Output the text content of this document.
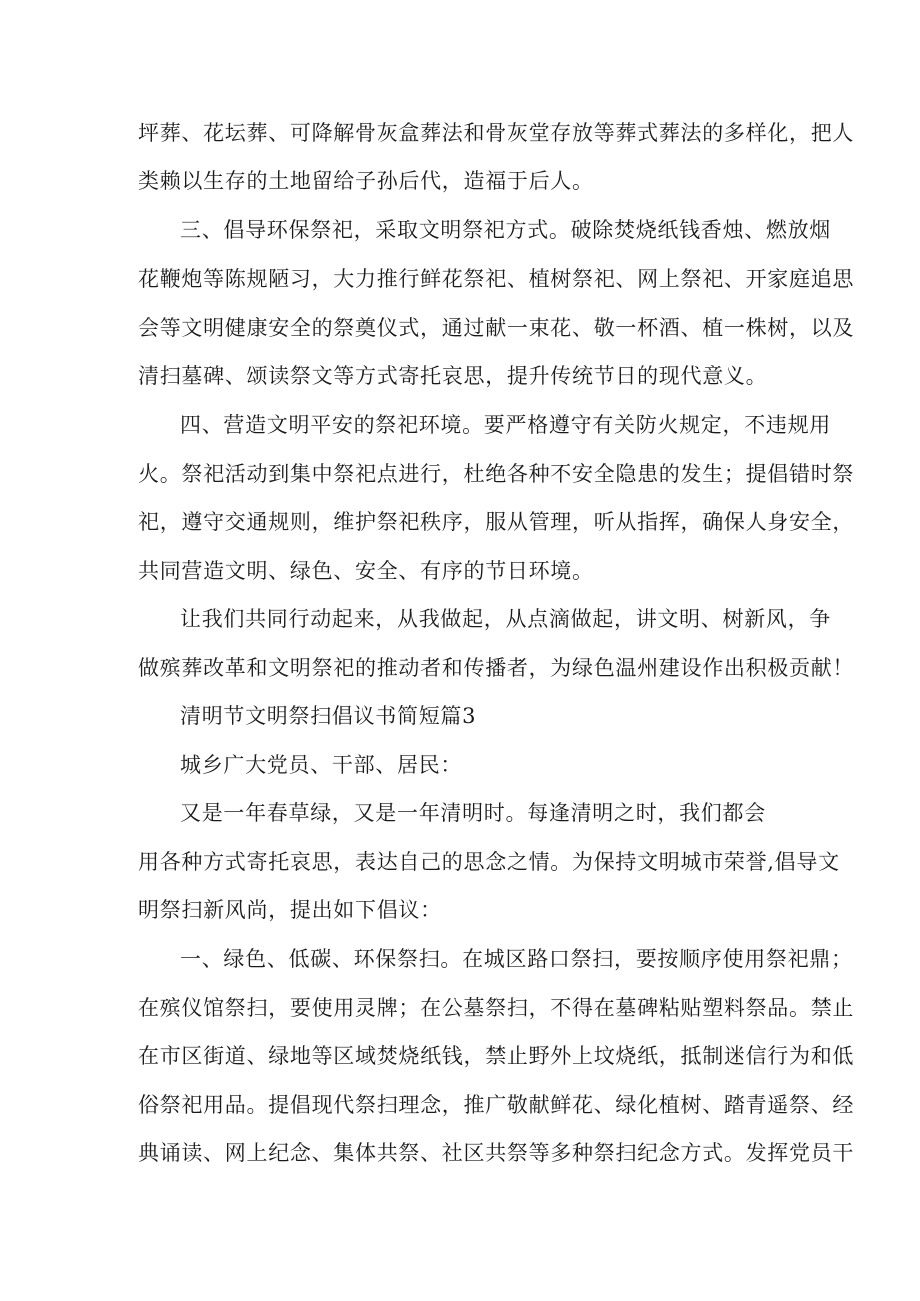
坪葬、花坛葬、可降解骨灰盒葬法和骨灰堂存放等葬式葬法的多样化，把人
类赖以生存的土地留给子孙后代，造福于后人。
三、倡导环保祭祀，采取文明祭祀方式。破除焚烧纸钱香烛、燃放烟
花鞭炮等陈规陋习，大力推行鲜花祭祀、植树祭祀、网上祭祀、开家庭追思
会等文明健康安全的祭奠仪式，通过献一束花、敬一杯酒、植一株树，以及
清扫墓碑、颂读祭文等方式寄托哀思，提升传统节日的现代意义。
四、营造文明平安的祭祀环境。要严格遵守有关防火规定，不违规用
火。祭祀活动到集中祭祀点进行，杜绝各种不安全隐患的发生；提倡错时祭
祀，遵守交通规则，维护祭祀秩序，服从管理，听从指挥，确保人身安全，
共同营造文明、绿色、安全、有序的节日环境。
让我们共同行动起来，从我做起，从点滴做起，讲文明、树新风，争
做殡葬改革和文明祭祀的推动者和传播者，为绿色温州建设作出积极贡献！
清明节文明祭扫倡议书简短篇3
城乡广大党员、干部、居民：
又是一年春草绿，又是一年清明时。每逢清明之时，我们都会
用各种方式寄托哀思，表达自己的思念之情。为保持文明城市荣誉,倡导文
明祭扫新风尚，提出如下倡议：
一、绿色、低碳、环保祭扫。在城区路口祭扫，要按顺序使用祭祀鼎；
在殡仪馆祭扫，要使用灵牌；在公墓祭扫，不得在墓碑粘贴塑料祭品。禁止
在市区街道、绿地等区域焚烧纸钱，禁止野外上坟烧纸，抵制迷信行为和低
俗祭祀用品。提倡现代祭扫理念，推广敬献鲜花、绿化植树、踏青遥祭、经
典诵读、网上纪念、集体共祭、社区共祭等多种祭扫纪念方式。发挥党员干
